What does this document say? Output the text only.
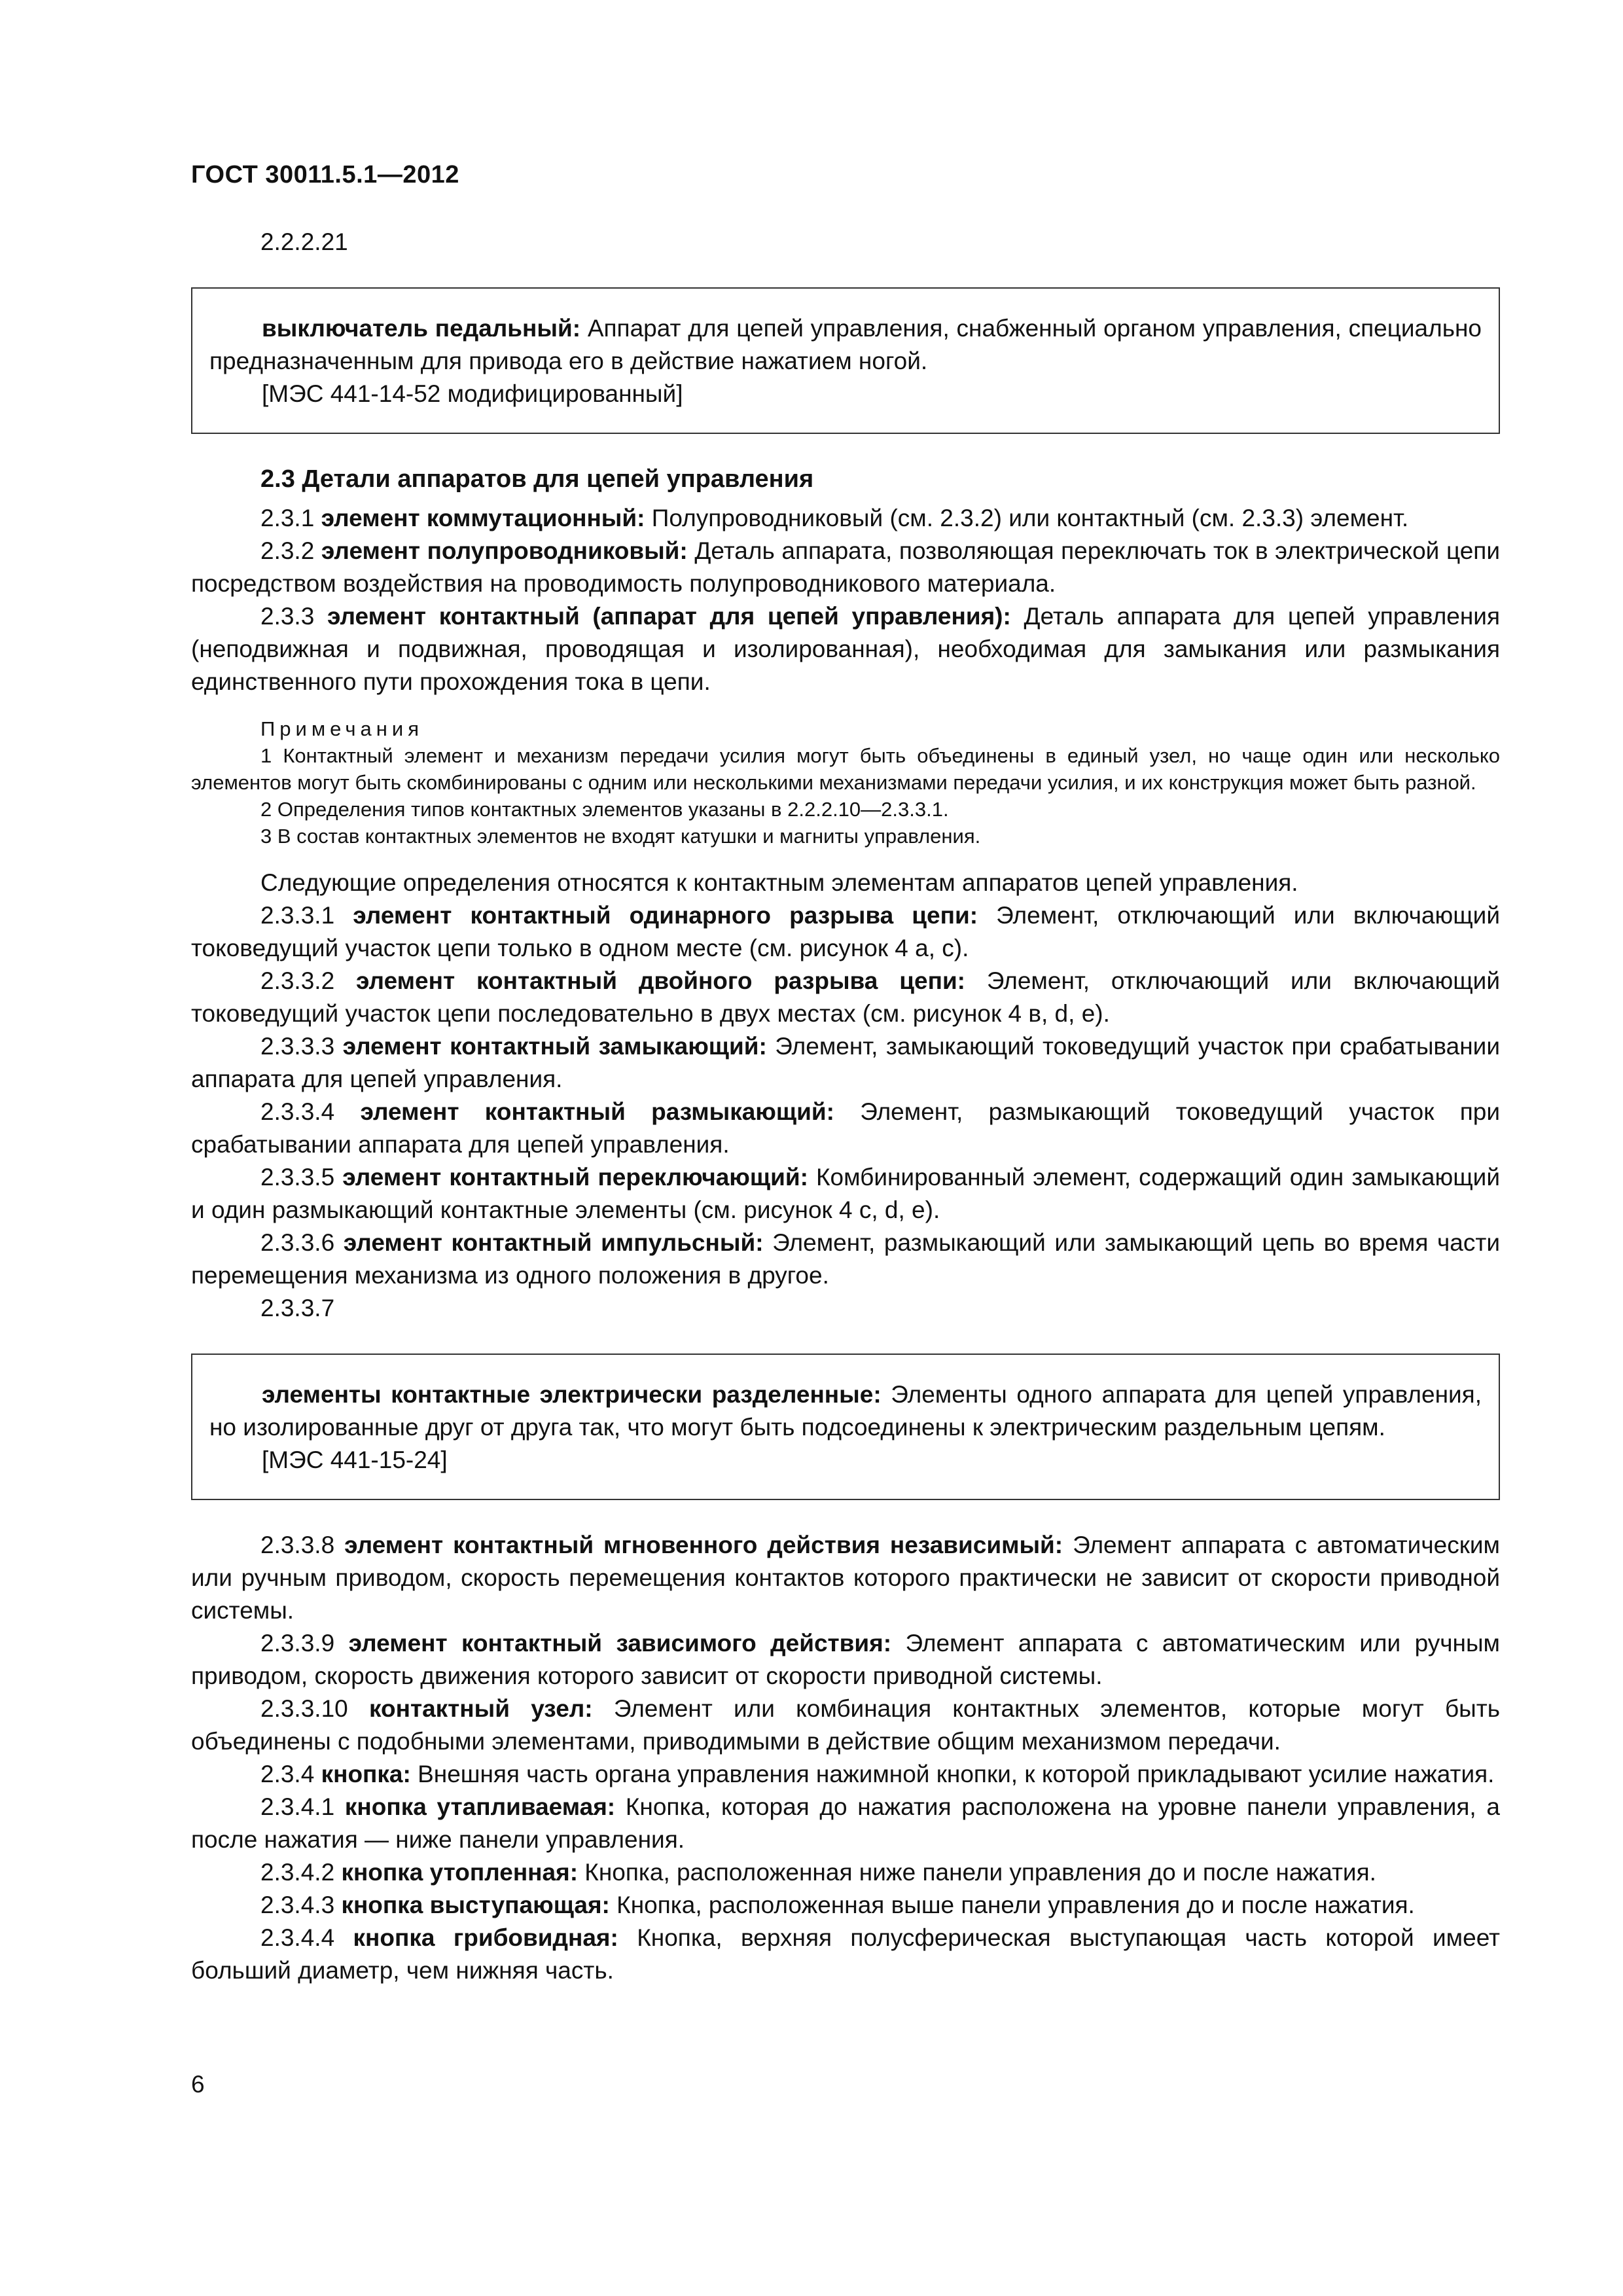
ГОСТ 30011.5.1—2012

2.2.2.21

выключатель педальный: Аппарат для цепей управления, снабженный органом управления, специально предназначенным для привода его в действие нажатием ногой.

[МЭС 441-14-52 модифицированный]

2.3 Детали аппаратов для цепей управления

2.3.1 элемент коммутационный: Полупроводниковый (см. 2.3.2) или контактный (см. 2.3.3) элемент.

2.3.2 элемент полупроводниковый: Деталь аппарата, позволяющая переключать ток в электрической цепи посредством воздействия на проводимость полупроводникового материала.

2.3.3 элемент контактный (аппарат для цепей управления): Деталь аппарата для цепей управления (неподвижная и подвижная, проводящая и изолированная), необходимая для замыкания или размыкания единственного пути прохождения тока в цепи.

Примечания

1 Контактный элемент и механизм передачи усилия могут быть объединены в единый узел, но чаще один или несколько элементов могут быть скомбинированы с одним или несколькими механизмами передачи усилия, и их конструкция может быть разной.

2 Определения типов контактных элементов указаны в 2.2.2.10—2.3.3.1.

3 В состав контактных элементов не входят катушки и магниты управления.

Следующие определения относятся к контактным элементам аппаратов цепей управления.

2.3.3.1 элемент контактный одинарного разрыва цепи: Элемент, отключающий или включающий токоведущий участок цепи только в одном месте (см. рисунок 4 a, c).

2.3.3.2 элемент контактный двойного разрыва цепи: Элемент, отключающий или включающий токоведущий участок цепи последовательно в двух местах (см. рисунок 4 в, d, e).

2.3.3.3 элемент контактный замыкающий: Элемент, замыкающий токоведущий участок при срабатывании аппарата для цепей управления.

2.3.3.4 элемент контактный размыкающий: Элемент, размыкающий токоведущий участок при срабатывании аппарата для цепей управления.

2.3.3.5 элемент контактный переключающий: Комбинированный элемент, содержащий один замыкающий и один размыкающий контактные элементы (см. рисунок 4 c, d, e).

2.3.3.6 элемент контактный импульсный: Элемент, размыкающий или замыкающий цепь во время части перемещения механизма из одного положения в другое.

2.3.3.7

элементы контактные электрически разделенные: Элементы одного аппарата для цепей управления, но изолированные друг от друга так, что могут быть подсоединены к электрическим раздельным цепям.

[МЭС 441-15-24]

2.3.3.8 элемент контактный мгновенного действия независимый: Элемент аппарата с автоматическим или ручным приводом, скорость перемещения контактов которого практически не зависит от скорости приводной системы.

2.3.3.9 элемент контактный зависимого действия: Элемент аппарата с автоматическим или ручным приводом, скорость движения которого зависит от скорости приводной системы.

2.3.3.10 контактный узел: Элемент или комбинация контактных элементов, которые могут быть объединены с подобными элементами, приводимыми в действие общим механизмом передачи.

2.3.4 кнопка: Внешняя часть органа управления нажимной кнопки, к которой прикладывают усилие нажатия.

2.3.4.1 кнопка утапливаемая: Кнопка, которая до нажатия расположена на уровне панели управления, а после нажатия — ниже панели управления.

2.3.4.2 кнопка утопленная: Кнопка, расположенная ниже панели управления до и после нажатия.

2.3.4.3 кнопка выступающая: Кнопка, расположенная выше панели управления до и после нажатия.

2.3.4.4 кнопка грибовидная: Кнопка, верхняя полусферическая выступающая часть которой имеет больший диаметр, чем нижняя часть.

6
